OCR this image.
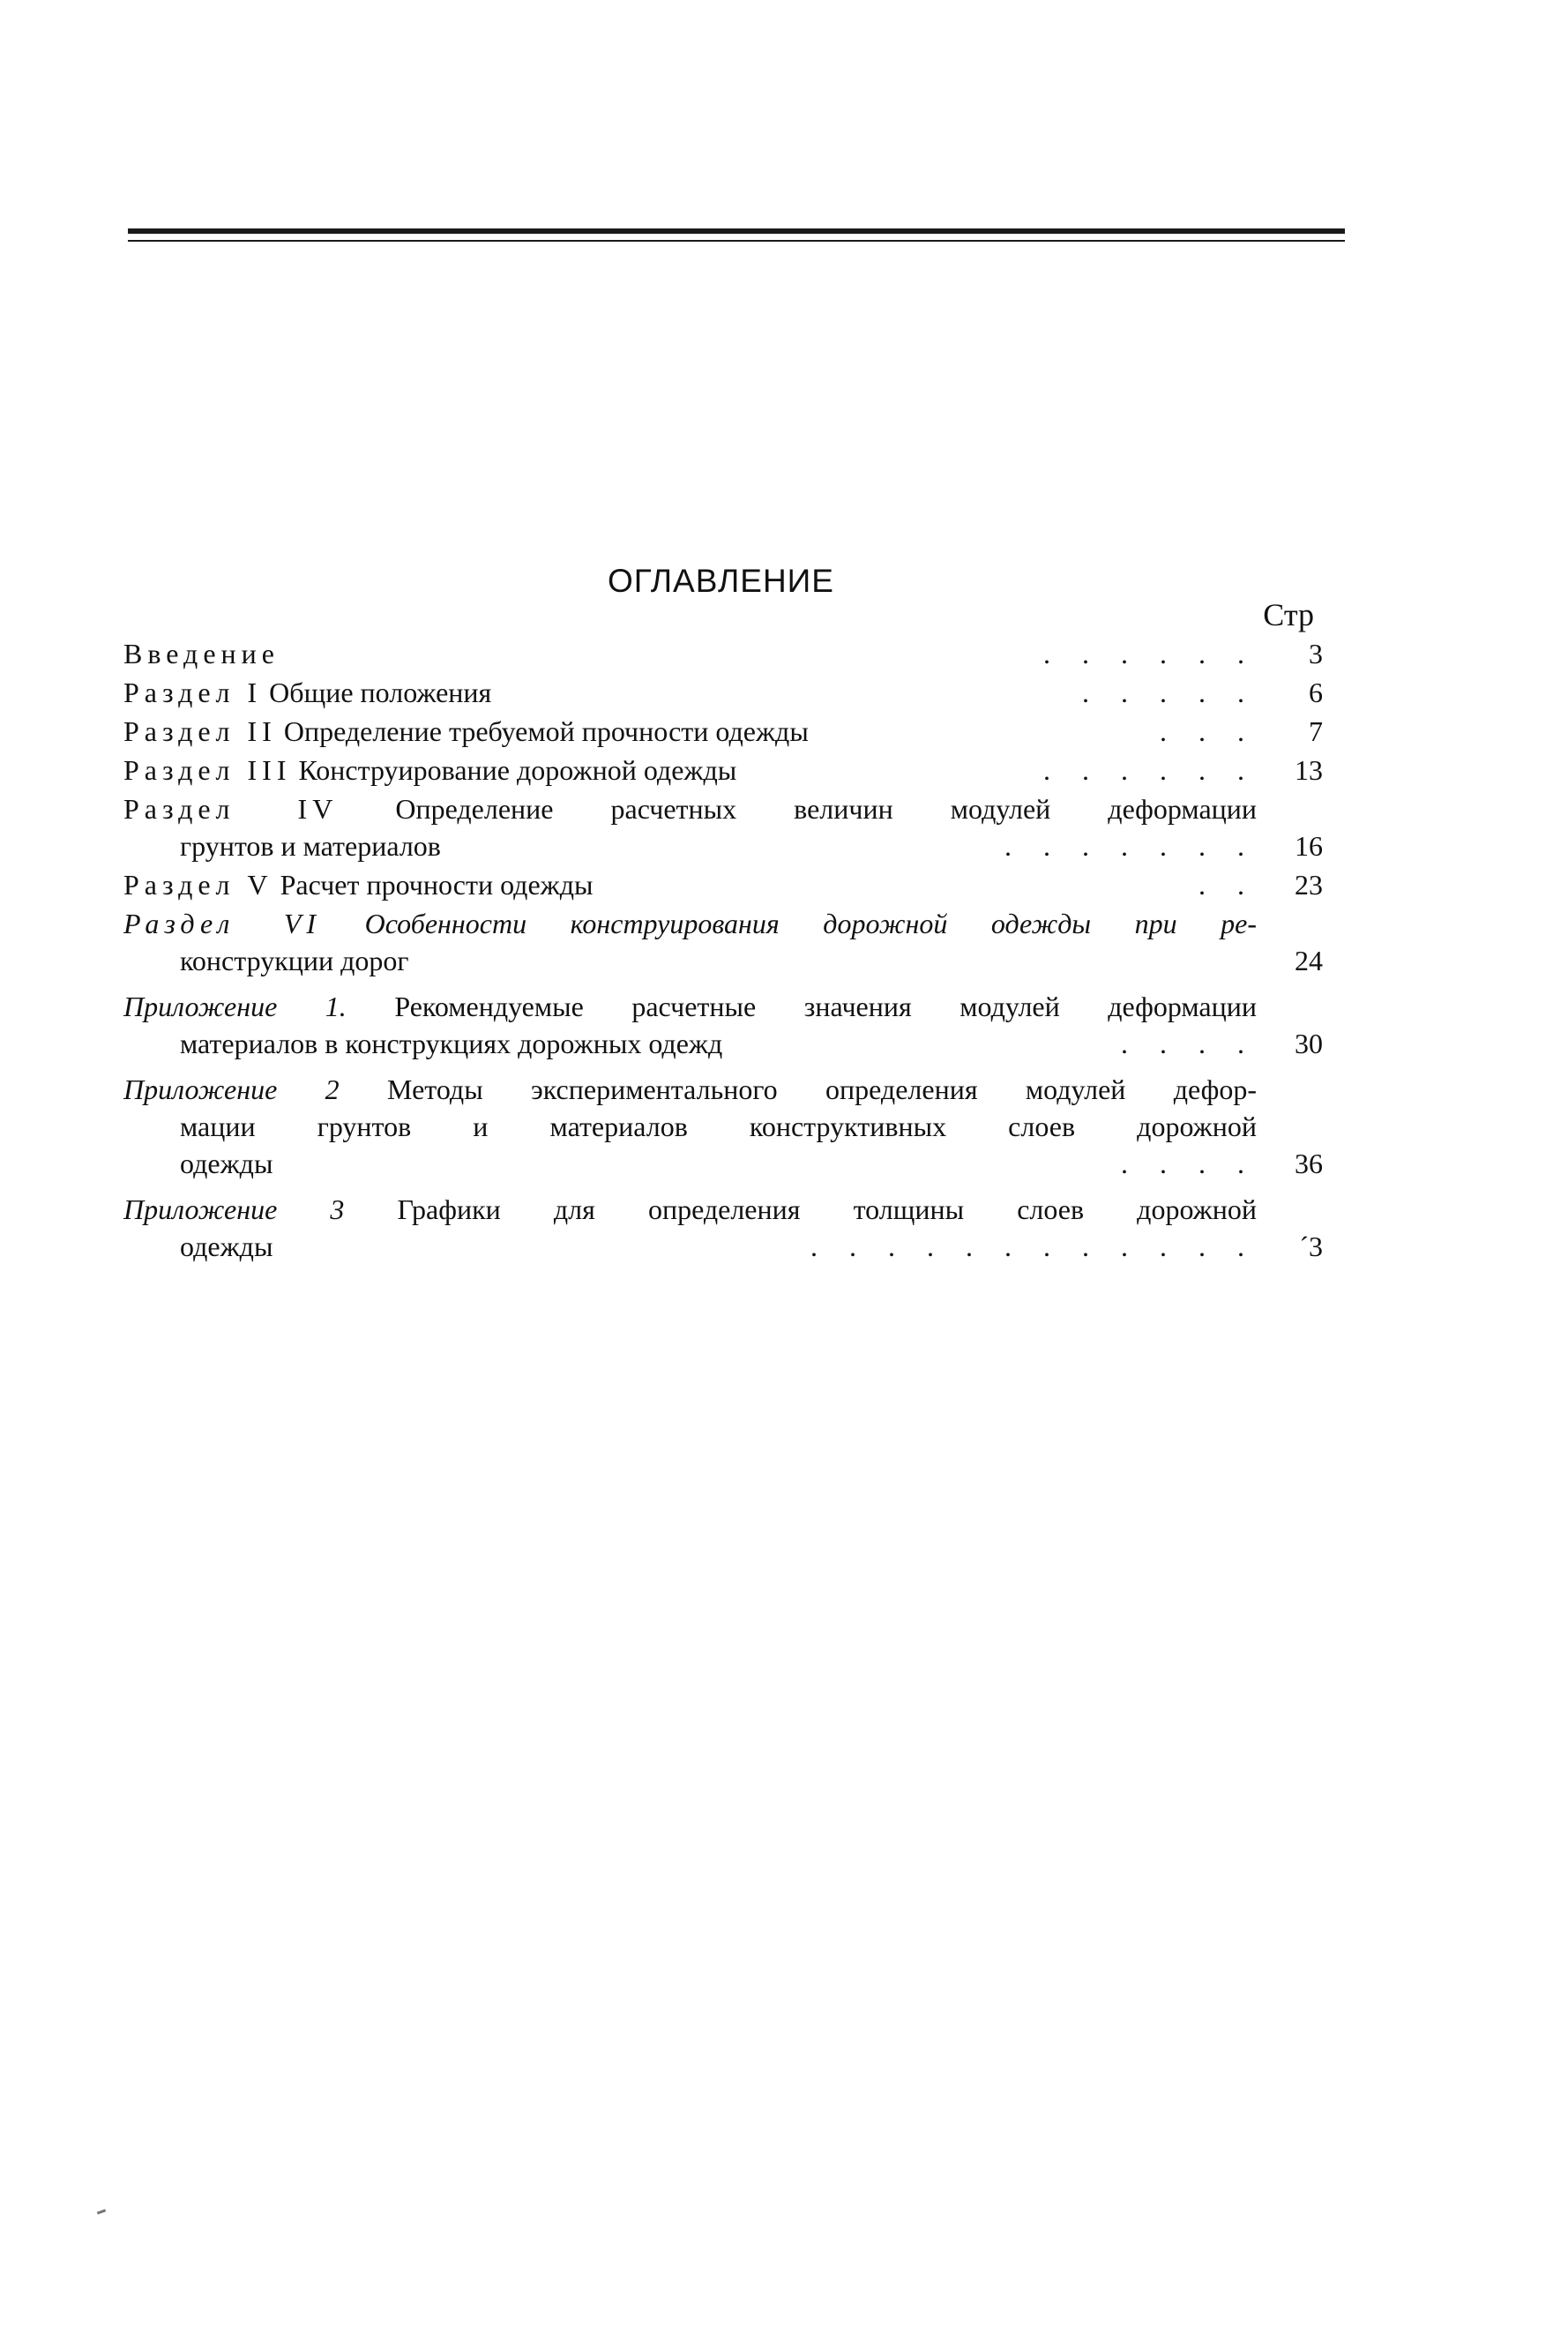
ОГЛАВЛЕНИЕ
Стр
Введение	. . . . . .	3
Раздел I Общие положения	. . . . .	6
Раздел II Определение требуемой прочности одежды	. . .	7
Раздел III Конструирование дорожной одежды	. . . . . .	13
Раздел IV Определение расчетных величин модулей деформации
грунтов и материалов	. . . . . . .	16
Раздел V Расчет прочности одежды	. .	23
Раздел VI Особенности конструирования дорожной одежды при ре-
конструкции дорог	24
Приложение 1. Рекомендуемые расчетные значения модулей деформации
материалов в конструкциях дорожных одежд	. . . .	30
Приложение 2 Методы экспериментального определения модулей дефор-
мации грунтов и материалов конструктивных слоев дорожной
одежды	. . . .	36
Приложение 3 Графики для определения толщины слоев дорожной
одежды	. . . . . . . . . . . .	´3
